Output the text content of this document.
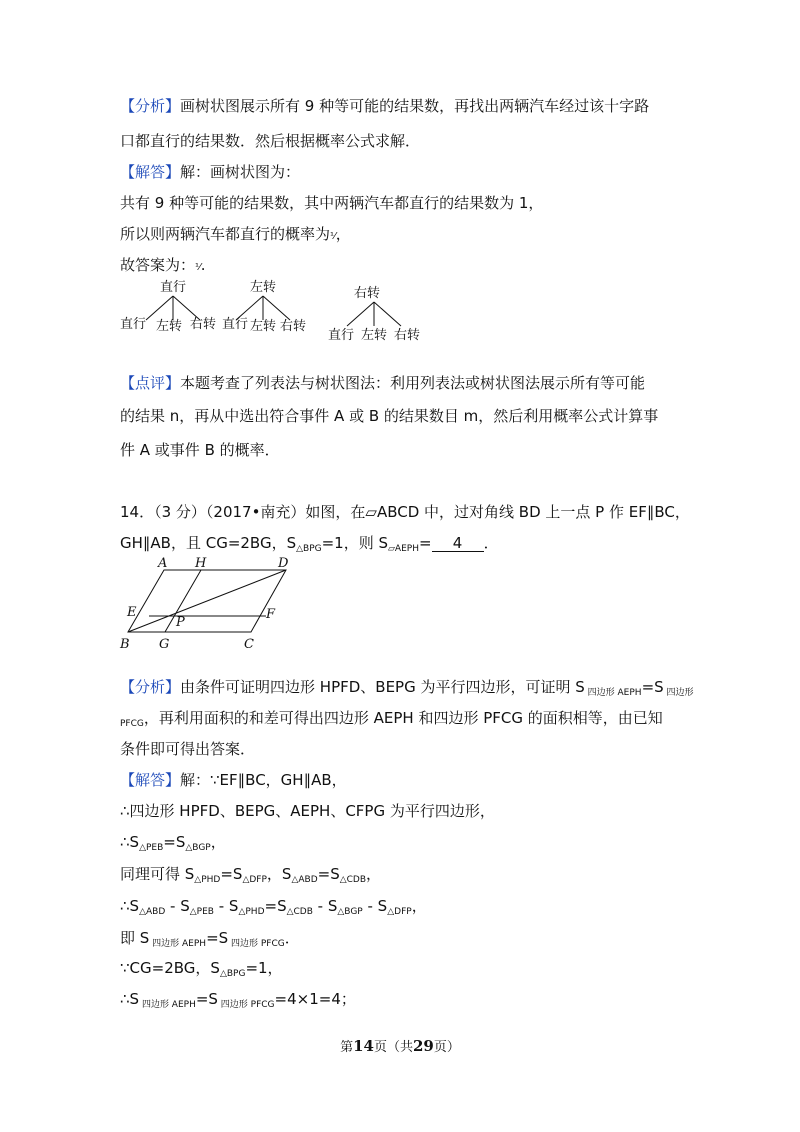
【分析】画树状图展示所有 9 种等可能的结果数，再找出两辆汽车经过该十字路
口都直行的结果数．然后根据概率公式求解．
【解答】解：画树状图为：
共有 9 种等可能的结果数，其中两辆汽车都直行的结果数为 1，
所以则两辆汽车都直行的概率为⅟，
故答案为：⅟.
直行
直行 左转 右转
左转
直行 左转 右转
右转
直行 左转 右转
【点评】本题考查了列表法与树状图法：利用列表法或树状图法展示所有等可能
的结果 n，再从中选出符合事件 A 或 B 的结果数目 m，然后利用概率公式计算事
件 A 或事件 B 的概率．
14．（3 分）（2017•南充）如图，在▱ABCD 中，过对角线 BD 上一点 P 作 EF∥BC，
GH∥AB，且 CG=2BG，$S_{\triangle BPG}=1$，则 $S_{▱AEPH}= 4$ ．
A H	D
E
P
F
B G	C
【分析】由条件可证明四边形 HPFD、BEPG 为平行四边形，可证明 S $_{四边形 AEPH}$=S $_{四边形}$
$_{PFCG}$，再利用面积的和差可得出四边形 AEPH 和四边形 PFCG 的面积相等，由已知
条件即可得出答案．
【解答】解：∵EF∥BC，GH∥AB，
∴四边形 HPFD、BEPG、AEPH、CFPG 为平行四边形，
$\therefore S_{\triangle PEB}=S_{\triangle BGP}$，
同理可得 $S_{\triangle PHD}=S_{\triangle DFP}$，$S_{\triangle ABD}=S_{\triangle CDB}$，
$\therefore S_{\triangle ABD} - S_{\triangle PEB} - S_{\triangle PHD}=S_{\triangle CDB} - S_{\triangle BGP} - S_{\triangle DFP}$，
即 S $_{四边形 AEPH}$=S $_{四边形 PFCG}$．
∵CG=2BG，$S_{\triangle BPG}=1$，
∴S $_{四边形 AEPH}$=S $_{四边形 PFCG}$=4×1=4；
第14页（共29页）
